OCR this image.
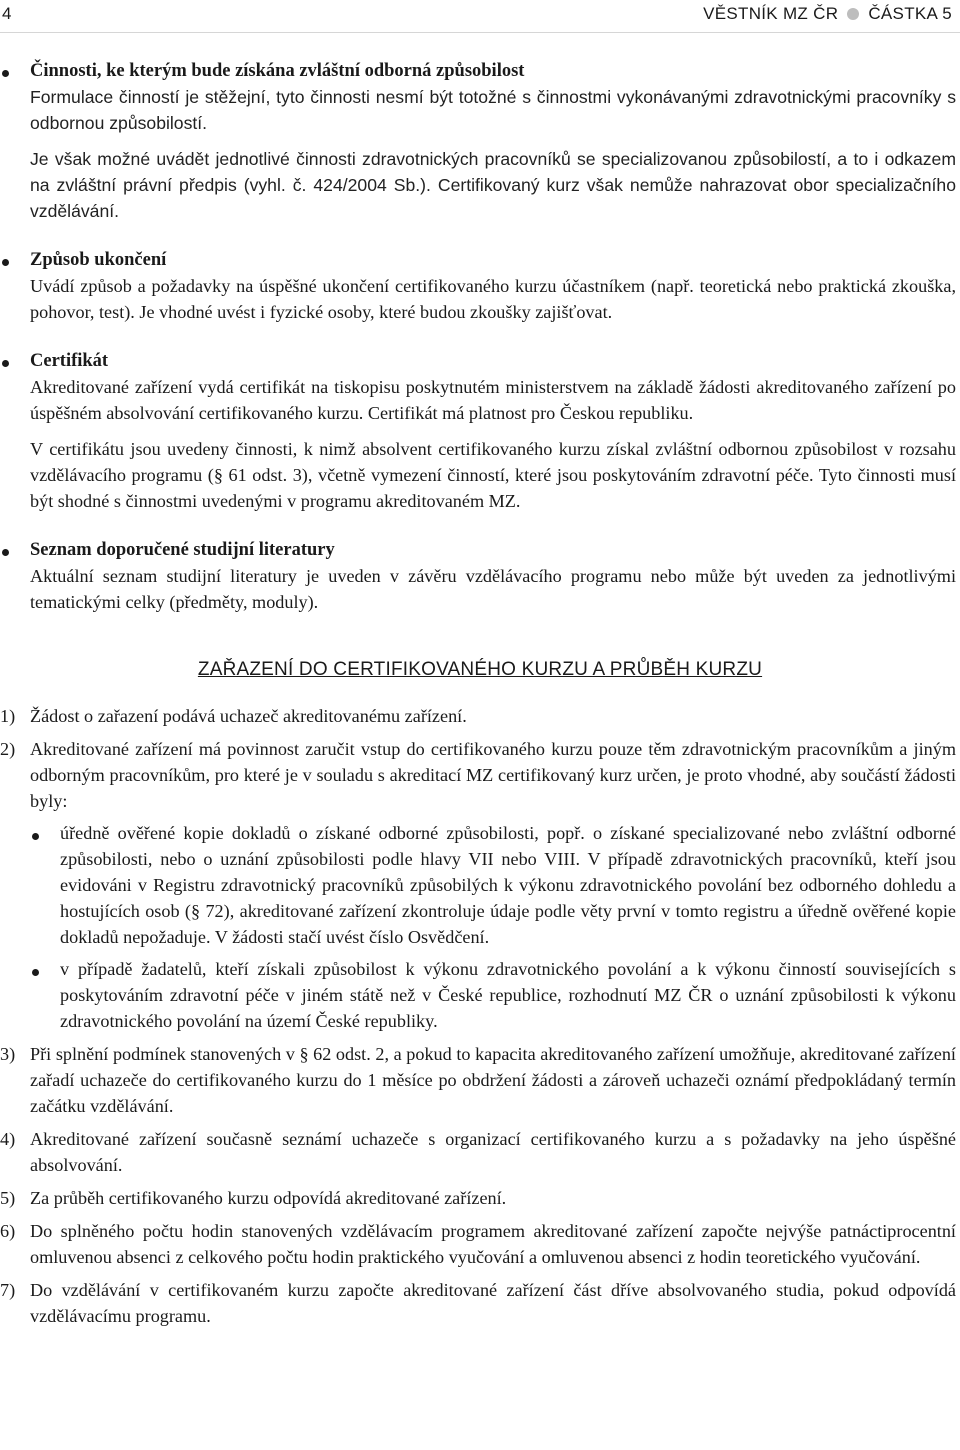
4	VĚSTNÍK MZ ČR ČÁSTKA 5
Činnosti, ke kterým bude získána zvláštní odborná způsobilost

Formulace činností je stěžejní, tyto činnosti nesmí být totožné s činnostmi vykonávanými zdravotnickými pracovníky s odbornou způsobilostí.

Je však možné uvádět jednotlivé činnosti zdravotnických pracovníků se specializovanou způsobilostí, a to i odkazem na zvláštní právní předpis (vyhl. č. 424/2004 Sb.). Certifikovaný kurz však nemůže nahrazovat obor specializačního vzdělávání.

Způsob ukončení

Uvádí způsob a požadavky na úspěšné ukončení certifikovaného kurzu účastníkem (např. teoretická nebo praktická zkouška, pohovor, test). Je vhodné uvést i fyzické osoby, které budou zkoušky zajišťovat.

Certifikát

Akreditované zařízení vydá certifikát na tiskopisu poskytnutém ministerstvem na základě žádosti akreditovaného zařízení po úspěšném absolvování certifikovaného kurzu. Certifikát má platnost pro Českou republiku.

V certifikátu jsou uvedeny činnosti, k nimž absolvent certifikovaného kurzu získal zvláštní odbornou způsobilost v rozsahu vzdělávacího programu (§ 61 odst. 3), včetně vymezení činností, které jsou poskytováním zdravotní péče. Tyto činnosti musí být shodné s činnostmi uvedenými v programu akreditovaném MZ.

Seznam doporučené studijní literatury

Aktuální seznam studijní literatury je uveden v závěru vzdělávacího programu nebo může být uveden za jednotlivými tematickými celky (předměty, moduly).

ZAŘAZENÍ DO CERTIFIKOVANÉHO KURZU A PRŮBĚH KURZU
1) Žádost o zařazení podává uchazeč akreditovanému zařízení.

2) Akreditované zařízení má povinnost zaručit vstup do certifikovaného kurzu pouze těm zdravotnickým pracovníkům a jiným odborným pracovníkům, pro které je v souladu s akreditací MZ certifikovaný kurz určen, je proto vhodné, aby součástí žádosti byly:

úředně ověřené kopie dokladů o získané odborné způsobilosti, popř. o získané specializované nebo zvláštní odborné způsobilosti, nebo o uznání způsobilosti podle hlavy VII nebo VIII. V případě zdravotnických pracovníků, kteří jsou evidováni v Registru zdravotnický pracovníků způsobilých k výkonu zdravotnického povolání bez odborného dohledu a hostujících osob (§ 72), akreditované zařízení zkontroluje údaje podle věty první v tomto registru a úředně ověřené kopie dokladů nepožaduje. V žádosti stačí uvést číslo Osvědčení.

v případě žadatelů, kteří získali způsobilost k výkonu zdravotnického povolání a k výkonu činností souvisejících s poskytováním zdravotní péče v jiném státě než v České republice, rozhodnutí MZ ČR o uznání způsobilosti k výkonu zdravotnického povolání na území České republiky.

3) Při splnění podmínek stanovených v § 62 odst. 2, a pokud to kapacita akreditovaného zařízení umožňuje, akreditované zařízení zařadí uchazeče do certifikovaného kurzu do 1 měsíce po obdržení žádosti a zároveň uchazeči oznámí předpokládaný termín začátku vzdělávání.

4) Akreditované zařízení současně seznámí uchazeče s organizací certifikovaného kurzu a s požadavky na jeho úspěšné absolvování.

5) Za průběh certifikovaného kurzu odpovídá akreditované zařízení.

6) Do splněného počtu hodin stanovených vzdělávacím programem akreditované zařízení započte nejvýše patnáctiprocentní omluvenou absenci z celkového počtu hodin praktického vyučování a omluvenou absenci z hodin teoretického vyučování.

7) Do vzdělávání v certifikovaném kurzu započte akreditované zařízení část dříve absolvovaného studia, pokud odpovídá vzdělávacímu programu.
